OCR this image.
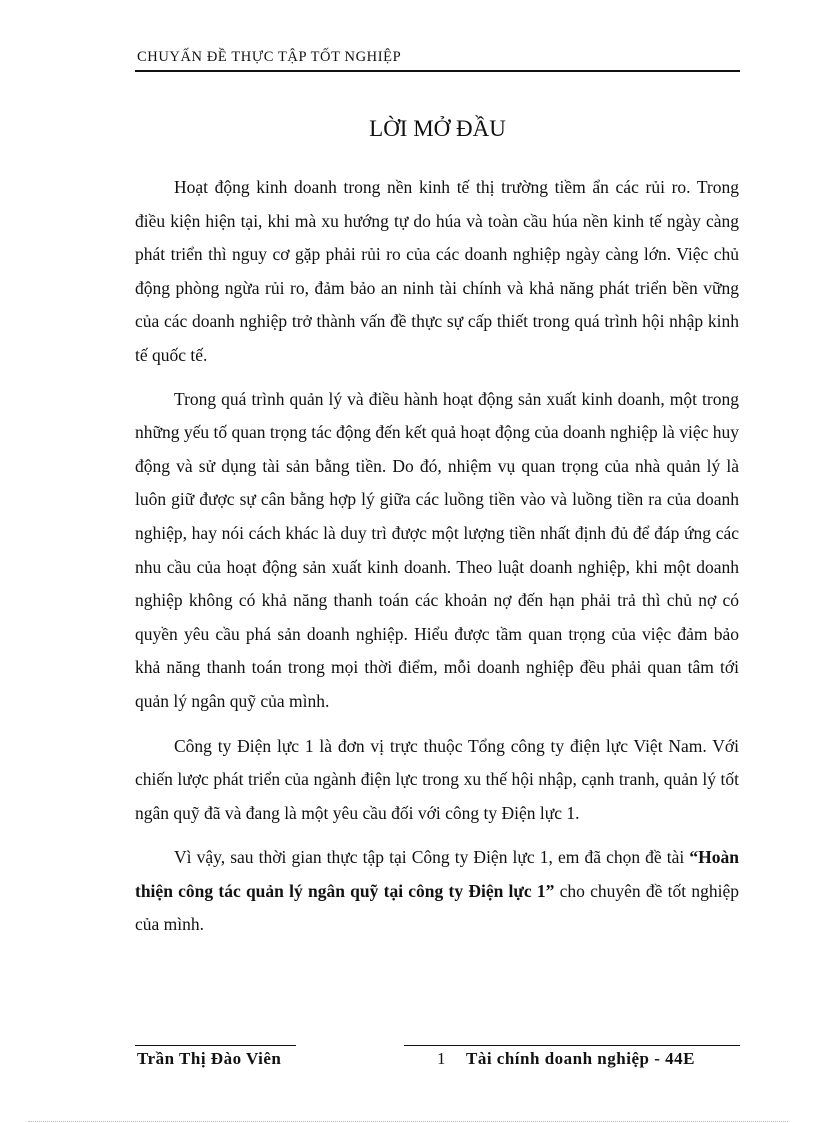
CHUYẤN ĐỀ THỰC TẬP TỐT NGHIỆP
LỜI MỞ ĐẦU

Hoạt động kinh doanh trong nền kinh tế thị trường tiềm ẩn các rủi ro. Trong điều kiện hiện tại, khi mà xu hướng tự do húa và toàn cầu húa nền kinh tế ngày càng phát triển thì nguy cơ gặp phải rủi ro của các doanh nghiệp ngày càng lớn. Việc chủ động phòng ngừa rủi ro, đảm bảo an ninh tài chính và khả năng phát triển bền vững của các doanh nghiệp trở thành vấn đề thực sự cấp thiết trong quá trình hội nhập kinh tế quốc tế.

Trong quá trình quản lý và điều hành hoạt động sản xuất kinh doanh, một trong những yếu tố quan trọng tác động đến kết quả hoạt động của doanh nghiệp là việc huy động và sử dụng tài sản bằng tiền. Do đó, nhiệm vụ quan trọng của nhà quản lý là luôn giữ được sự cân bằng hợp lý giữa các luồng tiền vào và luồng tiền ra của doanh nghiệp, hay nói cách khác là duy trì được một lượng tiền nhất định đủ để đáp ứng các nhu cầu của hoạt động sản xuất kinh doanh. Theo luật doanh nghiệp, khi một doanh nghiệp không có khả năng thanh toán các khoản nợ đến hạn phải trả thì chủ nợ có quyền yêu cầu phá sản doanh nghiệp. Hiểu được tầm quan trọng của việc đảm bảo khả năng thanh toán trong mọi thời điểm, mỗi doanh nghiệp đều phải quan tâm tới quản lý ngân quỹ của mình.

Công ty Điện lực 1 là đơn vị trực thuộc Tổng công ty điện lực Việt Nam. Với chiến lược phát triển của ngành điện lực trong xu thế hội nhập, cạnh tranh, quản lý tốt ngân quỹ đã và đang là một yêu cầu đối với công ty Điện lực 1.

Vì vậy, sau thời gian thực tập tại Công ty Điện lực 1, em đã chọn đề tài “Hoàn thiện công tác quản lý ngân quỹ tại công ty Điện lực 1” cho chuyên đề tốt nghiệp của mình.

Trần Thị Đào Viên	1 Tài chính doanh nghiệp - 44E
